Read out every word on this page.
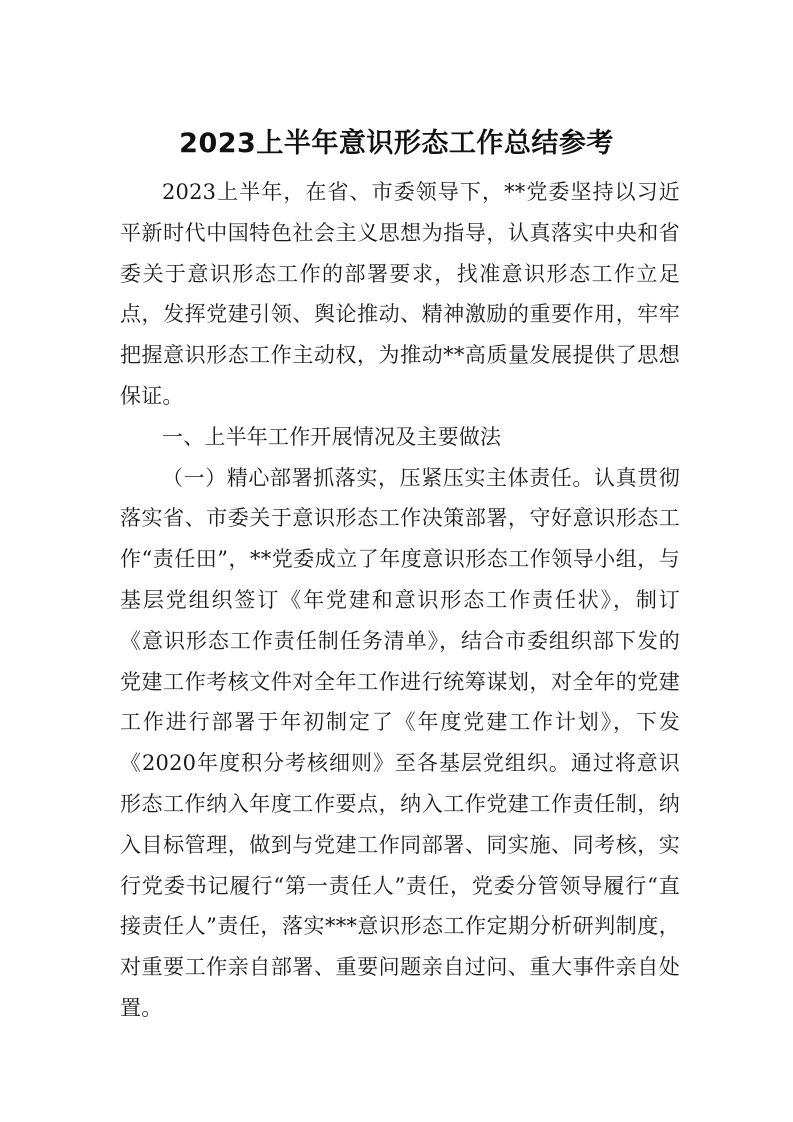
2023上半年意识形态工作总结参考

2023上半年，在省、市委领导下，**党委坚持以习近平新时代中国特色社会主义思想为指导，认真落实中央和省委关于意识形态工作的部署要求，找准意识形态工作立足点，发挥党建引领、舆论推动、精神激励的重要作用，牢牢把握意识形态工作主动权，为推动**高质量发展提供了思想保证。

一、上半年工作开展情况及主要做法

（一）精心部署抓落实，压紧压实主体责任。认真贯彻落实省、市委关于意识形态工作决策部署，守好意识形态工作“责任田”，**党委成立了年度意识形态工作领导小组，与基层党组织签订《年党建和意识形态工作责任状》，制订《意识形态工作责任制任务清单》，结合市委组织部下发的党建工作考核文件对全年工作进行统筹谋划，对全年的党建工作进行部署于年初制定了《年度党建工作计划》，下发《2020年度积分考核细则》至各基层党组织。通过将意识形态工作纳入年度工作要点，纳入工作党建工作责任制，纳入目标管理，做到与党建工作同部署、同实施、同考核，实行党委书记履行“第一责任人”责任，党委分管领导履行“直接责任人”责任，落实***意识形态工作定期分析研判制度，对重要工作亲自部署、重要问题亲自过问、重大事件亲自处置。
